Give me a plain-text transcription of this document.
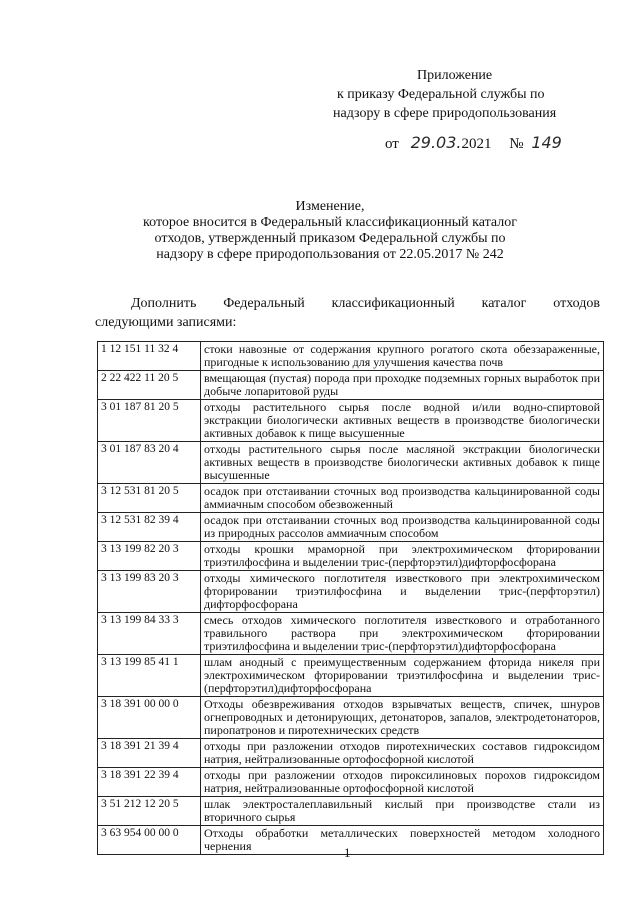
Приложение
к приказу Федеральной службы по
надзору в сфере природопользования
от 29.03.2021 № 149
Изменение,
которое вносится в Федеральный классификационный каталог
отходов, утвержденный приказом Федеральной службы по
надзору в сфере природопользования от 22.05.2017 № 242
Дополнить Федеральный классификационный каталог отходов
следующими записями:
1 12 151 11 32 4	стоки навозные от содержания крупного рогатого скота обеззараженные, пригодные к использованию для улучшения качества почв
2 22 422 11 20 5	вмещающая (пустая) порода при проходке подземных горных выработок при добыче лопаритовой руды
3 01 187 81 20 5	отходы растительного сырья после водной и/или водно-спиртовой экстракции биологически активных веществ в производстве биологически активных добавок к пище высушенные
3 01 187 83 20 4	отходы растительного сырья после масляной экстракции биологически активных веществ в производстве биологически активных добавок к пище высушенные
3 12 531 81 20 5	осадок при отстаивании сточных вод производства кальцинированной соды аммиачным способом обезвоженный
3 12 531 82 39 4	осадок при отстаивании сточных вод производства кальцинированной соды из природных рассолов аммиачным способом
3 13 199 82 20 3	отходы крошки мраморной при электрохимическом фторировании триэтилфосфина и выделении трис-(перфторэтил)дифторфосфорана
3 13 199 83 20 3	отходы химического поглотителя известкового при электрохимическом фторировании триэтилфосфина и выделении трис-(перфторэтил) дифторфосфорана
3 13 199 84 33 3	смесь отходов химического поглотителя известкового и отработанного травильного раствора при электрохимическом фторировании триэтилфосфина и выделении трис-(перфторэтил)дифторфосфорана
3 13 199 85 41 1	шлам анодный с преимущественным содержанием фторида никеля при электрохимическом фторировании триэтилфосфина и выделении трис-(перфторэтил)дифторфосфорана
3 18 391 00 00 0	Отходы обезвреживания отходов взрывчатых веществ, спичек, шнуров огнепроводных и детонирующих, детонаторов, запалов, электродетонаторов, пиропатронов и пиротехнических средств
3 18 391 21 39 4	отходы при разложении отходов пиротехнических составов гидроксидом натрия, нейтрализованные ортофосфорной кислотой
3 18 391 22 39 4	отходы при разложении отходов пироксилиновых порохов гидроксидом натрия, нейтрализованные ортофосфорной кислотой
3 51 212 12 20 5	шлак электросталеплавильный кислый при производстве стали из вторичного сырья
3 63 954 00 00 0	Отходы обработки металлических поверхностей методом холодного чернения	1
